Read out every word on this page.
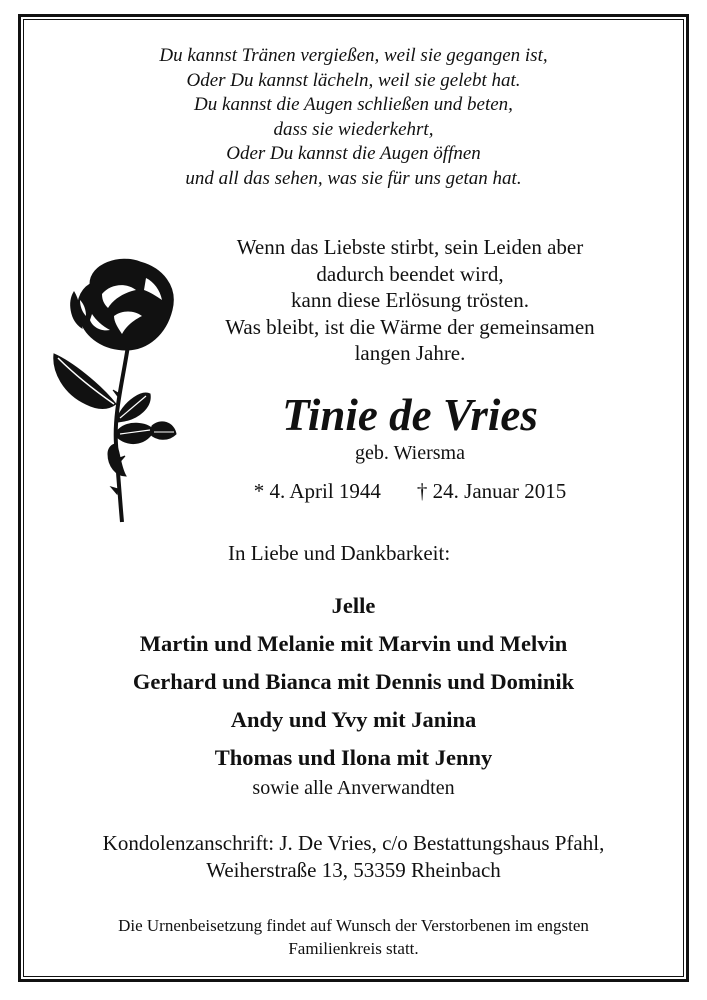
Du kannst Tränen vergießen, weil sie gegangen ist,
Oder Du kannst lächeln, weil sie gelebt hat.
Du kannst die Augen schließen und beten,
dass sie wiederkehrt,
Oder Du kannst die Augen öffnen
und all das sehen, was sie für uns getan hat.
Wenn das Liebste stirbt, sein Leiden aber
dadurch beendet wird,
kann diese Erlösung trösten.
Was bleibt, ist die Wärme der gemeinsamen
langen Jahre.
Tinie de Vries
geb. Wiersma
* 4. April 1944 † 24. Januar 2015
In Liebe und Dankbarkeit:
Jelle
Martin und Melanie mit Marvin und Melvin
Gerhard und Bianca mit Dennis und Dominik
Andy und Yvy mit Janina
Thomas und Ilona mit Jenny
sowie alle Anverwandten
Kondolenzanschrift: J. De Vries, c/o Bestattungshaus Pfahl,
Weiherstraße 13, 53359 Rheinbach
Die Urnenbeisetzung findet auf Wunsch der Verstorbenen im engsten
Familienkreis statt.
